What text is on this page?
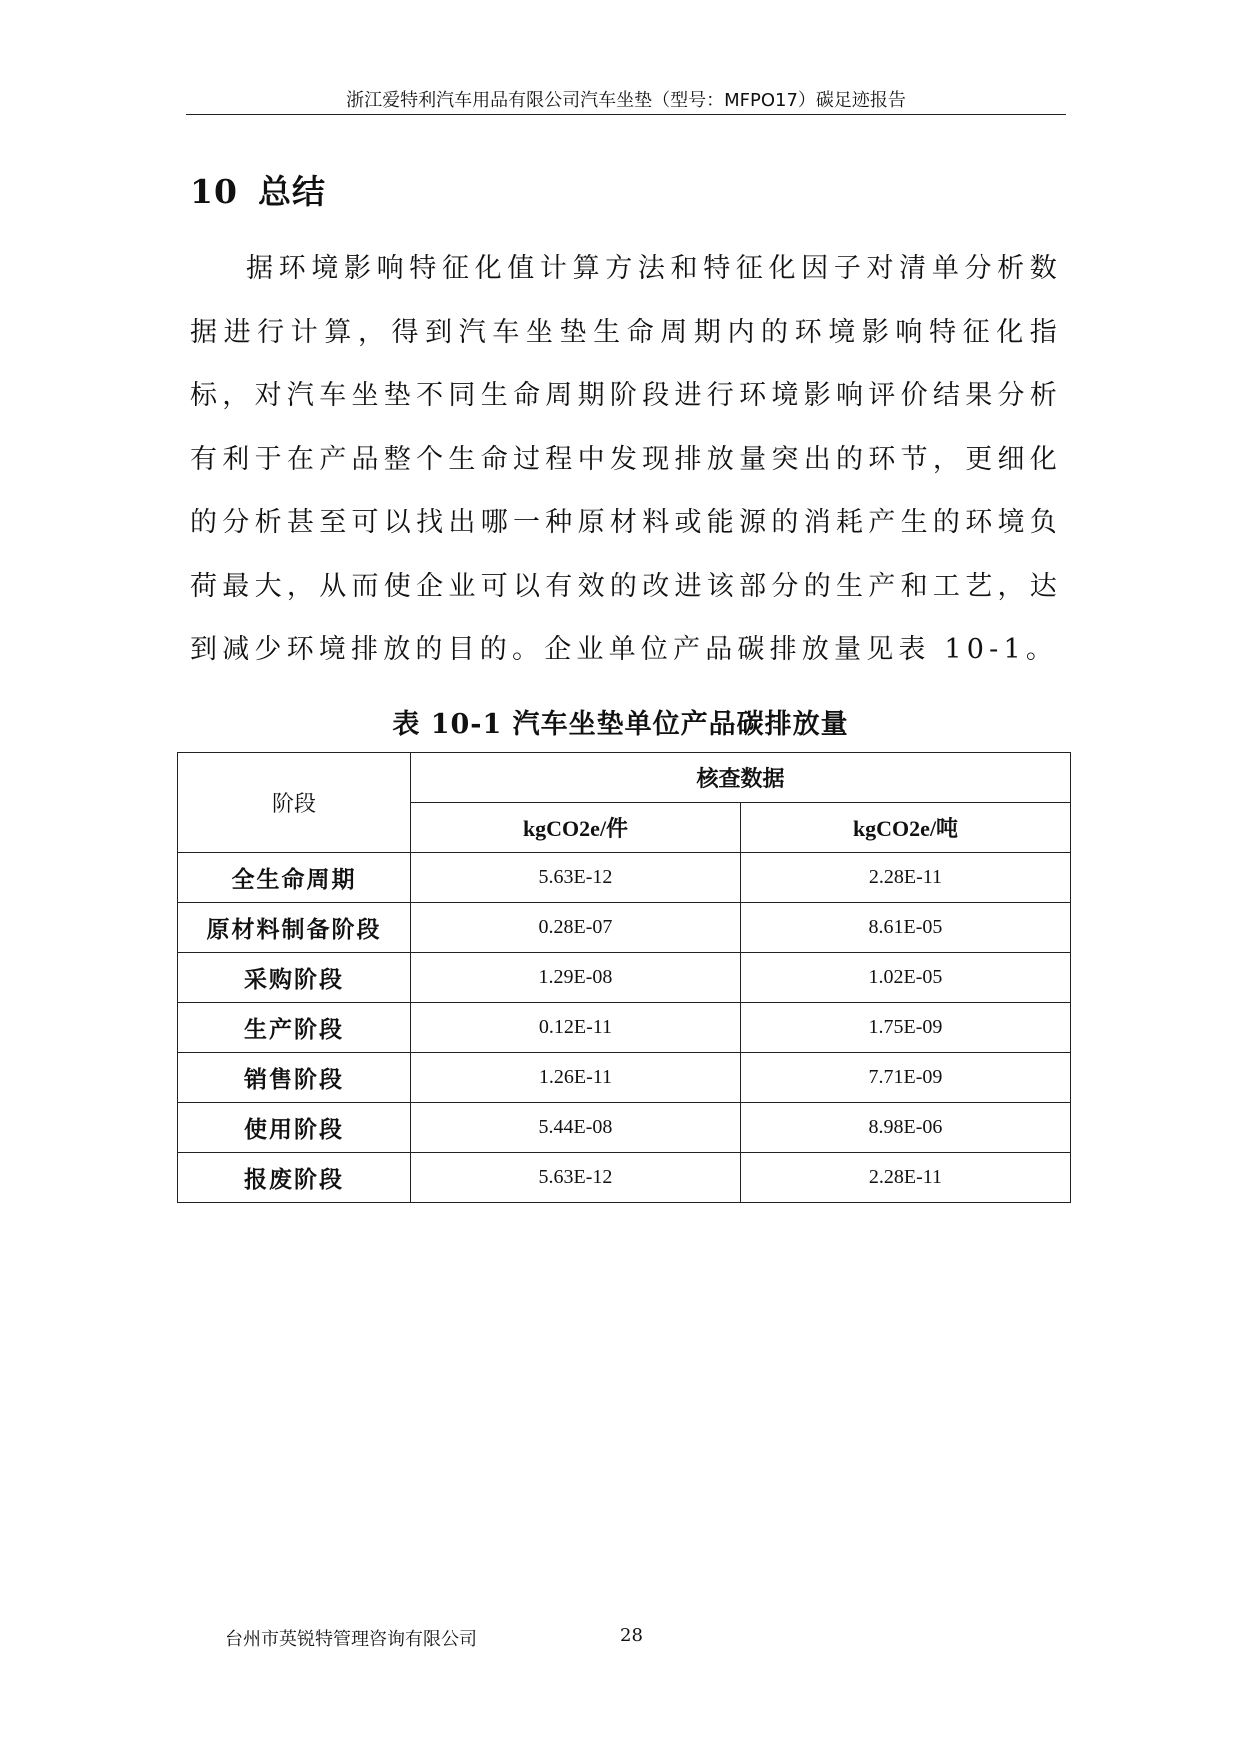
浙江爱特利汽车用品有限公司汽车坐垫（型号：MFPO17）碳足迹报告
10 总结
据环境影响特征化值计算方法和特征化因子对清单分析数据进行计算，得到汽车坐垫生命周期内的环境影响特征化指标，对汽车坐垫不同生命周期阶段进行环境影响评价结果分析有利于在产品整个生命过程中发现排放量突出的环节，更细化的分析甚至可以找出哪一种原材料或能源的消耗产生的环境负荷最大，从而使企业可以有效的改进该部分的生产和工艺，达到减少环境排放的目的。企业单位产品碳排放量见表 10-1。
表 10-1 汽车坐垫单位产品碳排放量
阶段	核查数据	
	kgCO2e/件	kgCO2e/吨
全生命周期	5.63E-12	2.28E-11
原材料制备阶段	0.28E-07	8.61E-05
采购阶段	1.29E-08	1.02E-05
生产阶段	0.12E-11	1.75E-09
销售阶段	1.26E-11	7.71E-09
使用阶段	5.44E-08	8.98E-06
报废阶段	5.63E-12	2.28E-11
台州市英锐特管理咨询有限公司	28
